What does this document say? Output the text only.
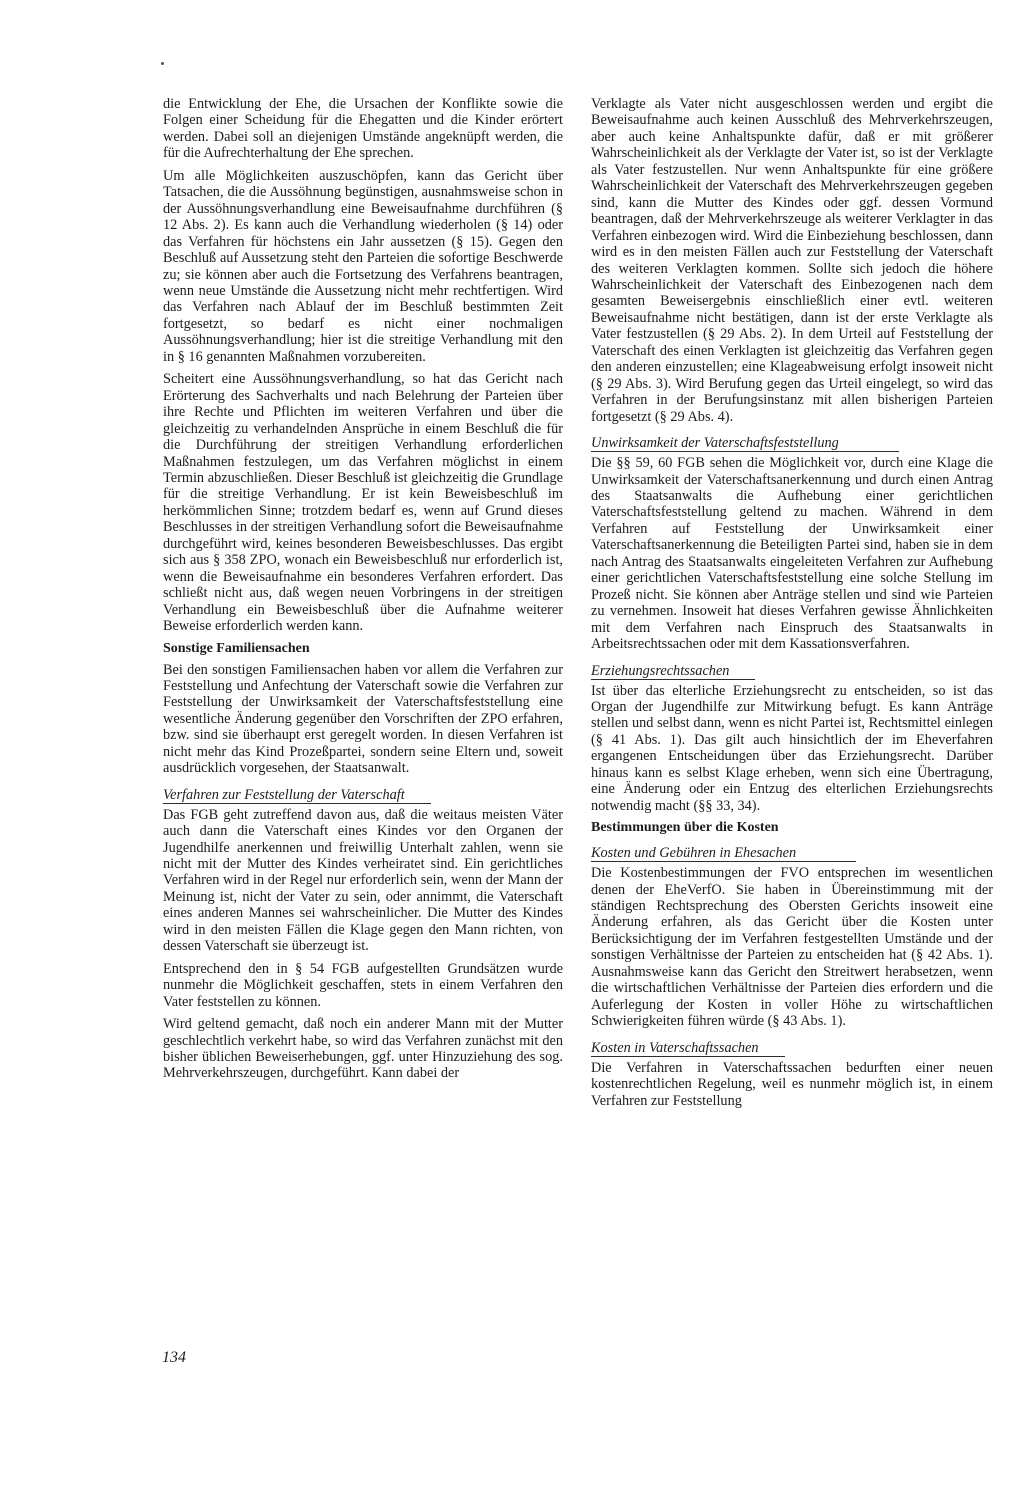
die Entwicklung der Ehe, die Ursachen der Konflikte sowie die Folgen einer Scheidung für die Ehegatten und die Kinder erörtert werden. Dabei soll an diejenigen Umstände angeknüpft werden, die für die Aufrechterhaltung der Ehe sprechen.

Um alle Möglichkeiten auszuschöpfen, kann das Gericht über Tatsachen, die die Aussöhnung begünstigen, ausnahmsweise schon in der Aussöhnungsverhandlung eine Beweisaufnahme durchführen (§ 12 Abs. 2). Es kann auch die Verhandlung wiederholen (§ 14) oder das Verfahren für höchstens ein Jahr aussetzen (§ 15). Gegen den Beschluß auf Aussetzung steht den Parteien die sofortige Beschwerde zu; sie können aber auch die Fortsetzung des Verfahrens beantragen, wenn neue Umstände die Aussetzung nicht mehr rechtfertigen. Wird das Verfahren nach Ablauf der im Beschluß bestimmten Zeit fortgesetzt, so bedarf es nicht einer nochmaligen Aussöhnungsverhandlung; hier ist die streitige Verhandlung mit den in § 16 genannten Maßnahmen vorzubereiten.

Scheitert eine Aussöhnungsverhandlung, so hat das Gericht nach Erörterung des Sachverhalts und nach Belehrung der Parteien über ihre Rechte und Pflichten im weiteren Verfahren und über die gleichzeitig zu verhandelnden Ansprüche in einem Beschluß die für die Durchführung der streitigen Verhandlung erforderlichen Maßnahmen festzulegen, um das Verfahren möglichst in einem Termin abzuschließen. Dieser Beschluß ist gleichzeitig die Grundlage für die streitige Verhandlung. Er ist kein Beweisbeschluß im herkömmlichen Sinne; trotzdem bedarf es, wenn auf Grund dieses Beschlusses in der streitigen Verhandlung sofort die Beweisaufnahme durchgeführt wird, keines besonderen Beweisbeschlusses. Das ergibt sich aus § 358 ZPO, wonach ein Beweisbeschluß nur erforderlich ist, wenn die Beweisaufnahme ein besonderes Verfahren erfordert. Das schließt nicht aus, daß wegen neuen Vorbringens in der streitigen Verhandlung ein Beweisbeschluß über die Aufnahme weiterer Beweise erforderlich werden kann.

Sonstige Familiensachen

Bei den sonstigen Familiensachen haben vor allem die Verfahren zur Feststellung und Anfechtung der Vaterschaft sowie die Verfahren zur Feststellung der Unwirksamkeit der Vaterschaftsfeststellung eine wesentliche Änderung gegenüber den Vorschriften der ZPO erfahren, bzw. sind sie überhaupt erst geregelt worden. In diesen Verfahren ist nicht mehr das Kind Prozeßpartei, sondern seine Eltern und, soweit ausdrücklich vorgesehen, der Staatsanwalt.

Verfahren zur Feststellung der Vaterschaft

Das FGB geht zutreffend davon aus, daß die weitaus meisten Väter auch dann die Vaterschaft eines Kindes vor den Organen der Jugendhilfe anerkennen und freiwillig Unterhalt zahlen, wenn sie nicht mit der Mutter des Kindes verheiratet sind. Ein gerichtliches Verfahren wird in der Regel nur erforderlich sein, wenn der Mann der Meinung ist, nicht der Vater zu sein, oder annimmt, die Vaterschaft eines anderen Mannes sei wahrscheinlicher. Die Mutter des Kindes wird in den meisten Fällen die Klage gegen den Mann richten, von dessen Vaterschaft sie überzeugt ist.

Entsprechend den in § 54 FGB aufgestellten Grundsätzen wurde nunmehr die Möglichkeit geschaffen, stets in einem Verfahren den Vater feststellen zu können.

Wird geltend gemacht, daß noch ein anderer Mann mit der Mutter geschlechtlich verkehrt habe, so wird das Verfahren zunächst mit den bisher üblichen Beweiserhebungen, ggf. unter Hinzuziehung des sog. Mehrverkehrszeugen, durchgeführt. Kann dabei der

Verklagte als Vater nicht ausgeschlossen werden und ergibt die Beweisaufnahme auch keinen Ausschluß des Mehrverkehrszeugen, aber auch keine Anhaltspunkte dafür, daß er mit größerer Wahrscheinlichkeit als der Verklagte der Vater ist, so ist der Verklagte als Vater festzustellen. Nur wenn Anhaltspunkte für eine größere Wahrscheinlichkeit der Vaterschaft des Mehrverkehrszeugen gegeben sind, kann die Mutter des Kindes oder ggf. dessen Vormund beantragen, daß der Mehrverkehrszeuge als weiterer Verklagter in das Verfahren einbezogen wird. Wird die Einbeziehung beschlossen, dann wird es in den meisten Fällen auch zur Feststellung der Vaterschaft des weiteren Verklagten kommen. Sollte sich jedoch die höhere Wahrscheinlichkeit der Vaterschaft des Einbezogenen nach dem gesamten Beweisergebnis einschließlich einer evtl. weiteren Beweisaufnahme nicht bestätigen, dann ist der erste Verklagte als Vater festzustellen (§ 29 Abs. 2). In dem Urteil auf Feststellung der Vaterschaft des einen Verklagten ist gleichzeitig das Verfahren gegen den anderen einzustellen; eine Klageabweisung erfolgt insoweit nicht (§ 29 Abs. 3). Wird Berufung gegen das Urteil eingelegt, so wird das Verfahren in der Berufungsinstanz mit allen bisherigen Parteien fortgesetzt (§ 29 Abs. 4).

Unwirksamkeit der Vaterschaftsfeststellung

Die §§ 59, 60 FGB sehen die Möglichkeit vor, durch eine Klage die Unwirksamkeit der Vaterschaftsanerkennung und durch einen Antrag des Staatsanwalts die Aufhebung einer gerichtlichen Vaterschaftsfeststellung geltend zu machen. Während in dem Verfahren auf Feststellung der Unwirksamkeit einer Vaterschaftsanerkennung die Beteiligten Partei sind, haben sie in dem nach Antrag des Staatsanwalts eingeleiteten Verfahren zur Aufhebung einer gerichtlichen Vaterschaftsfeststellung eine solche Stellung im Prozeß nicht. Sie können aber Anträge stellen und sind wie Parteien zu vernehmen. Insoweit hat dieses Verfahren gewisse Ähnlichkeiten mit dem Verfahren nach Einspruch des Staatsanwalts in Arbeitsrechtssachen oder mit dem Kassationsverfahren.

Erziehungsrechtssachen

Ist über das elterliche Erziehungsrecht zu entscheiden, so ist das Organ der Jugendhilfe zur Mitwirkung befugt. Es kann Anträge stellen und selbst dann, wenn es nicht Partei ist, Rechtsmittel einlegen (§ 41 Abs. 1). Das gilt auch hinsichtlich der im Eheverfahren ergangenen Entscheidungen über das Erziehungsrecht. Darüber hinaus kann es selbst Klage erheben, wenn sich eine Übertragung, eine Änderung oder ein Entzug des elterlichen Erziehungsrechts notwendig macht (§§ 33, 34).

Bestimmungen über die Kosten
Kosten und Gebühren in Ehesachen

Die Kostenbestimmungen der FVO entsprechen im wesentlichen denen der EheVerfO. Sie haben in Übereinstimmung mit der ständigen Rechtsprechung des Obersten Gerichts insoweit eine Änderung erfahren, als das Gericht über die Kosten unter Berücksichtigung der im Verfahren festgestellten Umstände und der sonstigen Verhältnisse der Parteien zu entscheiden hat (§ 42 Abs. 1). Ausnahmsweise kann das Gericht den Streitwert herabsetzen, wenn die wirtschaftlichen Verhältnisse der Parteien dies erfordern und die Auferlegung der Kosten in voller Höhe zu wirtschaftlichen Schwierigkeiten führen würde (§ 43 Abs. 1).

Kosten in Vaterschaftssachen

Die Verfahren in Vaterschaftssachen bedurften einer neuen kostenrechtlichen Regelung, weil es nunmehr möglich ist, in einem Verfahren zur Feststellung

134
